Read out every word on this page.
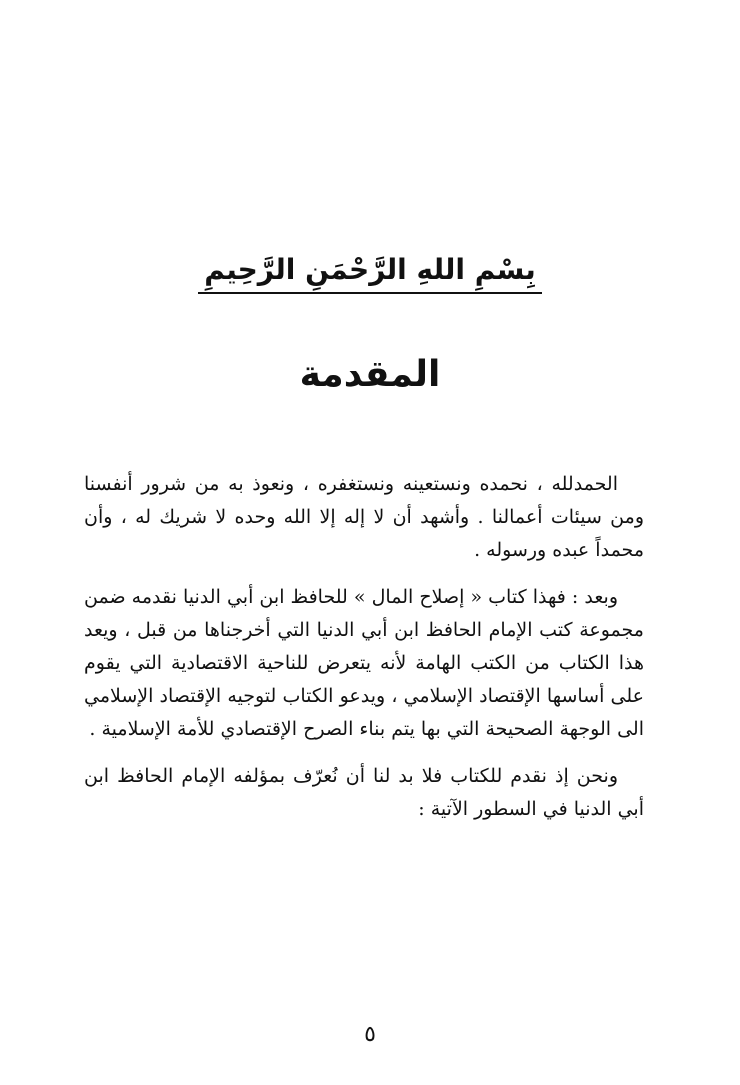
بِسْمِ اللهِ الرَّحْمَنِ الرَّحِيمِ
المقدمة

الحمدلله ، نحمده ونستعينه ونستغفره ، ونعوذ به من شرور أنفسنا ومن سيئات أعمالنا . وأشهد أن لا إله إلا الله وحده لا شريك له ، وأن محمداً عبده ورسوله .

وبعد : فهذا كتاب « إصلاح المال » للحافظ ابن أبي الدنيا نقدمه ضمن مجموعة كتب الإمام الحافظ ابن أبي الدنيا التي أخرجناها من قبل ، ويعد هذا الكتاب من الكتب الهامة لأنه يتعرض للناحية الاقتصادية التي يقوم على أساسها الإقتصاد الإسلامي ، ويدعو الكتاب لتوجيه الإقتصاد الإسلامي الى الوجهة الصحيحة التي بها يتم بناء الصرح الإقتصادي للأمة الإسلامية .

ونحن إذ نقدم للكتاب فلا بد لنا أن نُعرّف بمؤلفه الإمام الحافظ ابن أبي الدنيا في السطور الآتية :

٥
